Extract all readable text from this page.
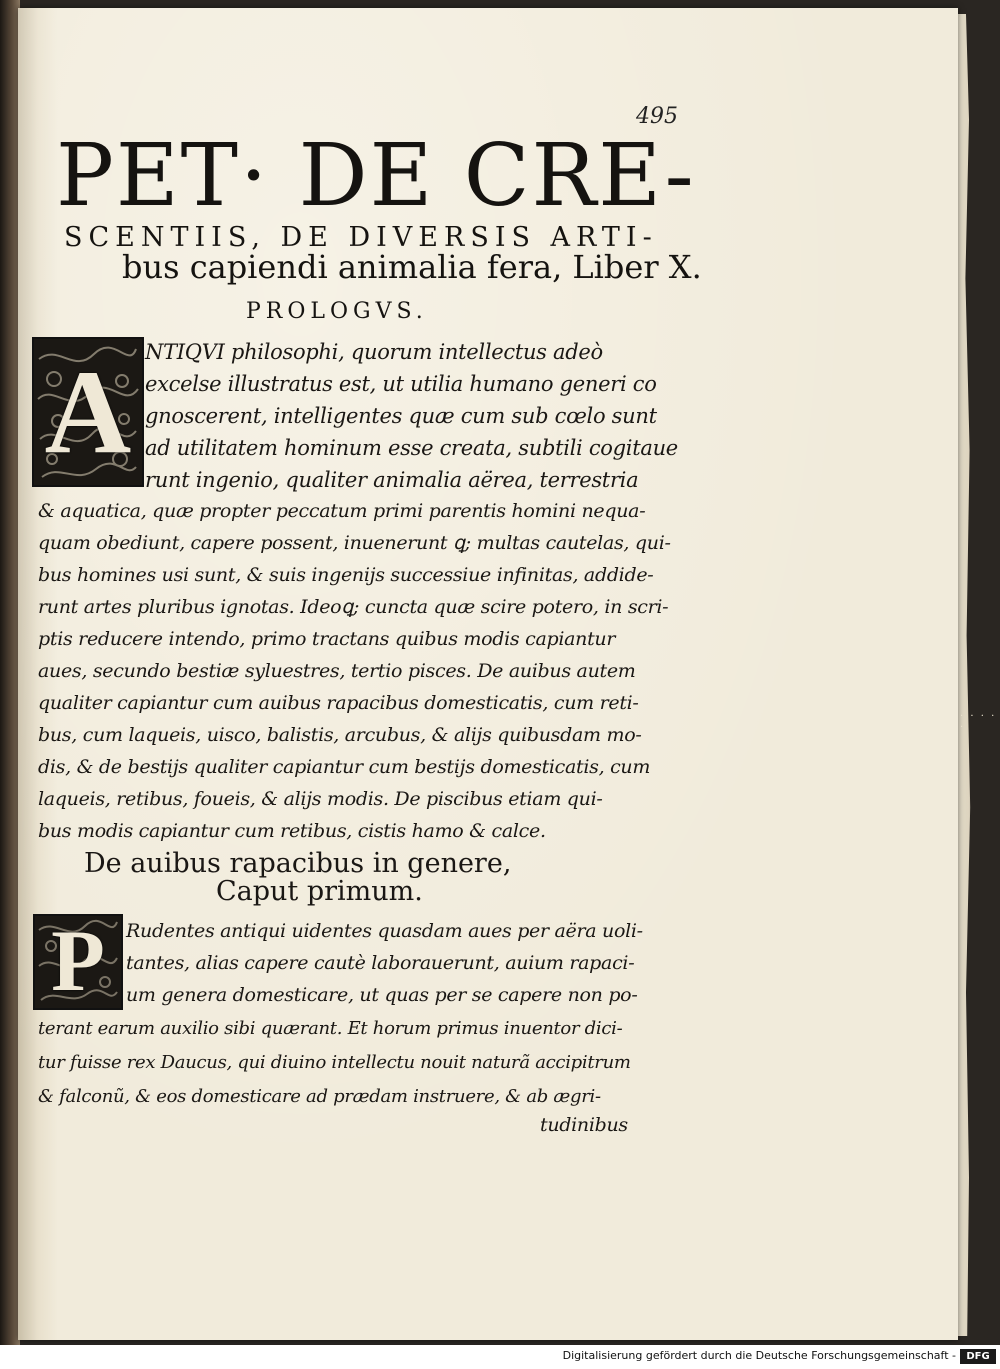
495
PET· DE CRE-
SCENTIIS, DE DIVERSIS ARTI-
bus capiendi animalia fera, Liber X.
PROLOGVS.
A
P
NTIQVI philosophi, quorum intellectus adeò
excelse illustratus est, ut utilia humano generi co
gnoscerent, intelligentes quæ cum sub cœlo sunt
ad utilitatem hominum esse creata, subtili cogitaue
runt ingenio, qualiter animalia aërea, terrestria
& aquatica, quæ propter peccatum primi parentis homini nequa-
quam obediunt, capere possent, inuenerunt ꝗ; multas cautelas, qui-
bus homines usi sunt, & suis ingenijs successiue infinitas, addide-
runt artes pluribus ignotas. Ideoꝗ; cuncta quæ scire potero, in scri-
ptis reducere intendo, primo tractans quibus modis capiantur
aues, secundo bestiæ syluestres, tertio pisces. De auibus autem
qualiter capiantur cum auibus rapacibus domesticatis, cum reti-
bus, cum laqueis, uisco, balistis, arcubus, & alijs quibusdam mo-
dis, & de bestijs qualiter capiantur cum bestijs domesticatis, cum
laqueis, retibus, foueis, & alijs modis. De piscibus etiam qui-
bus modis capiantur cum retibus, cistis hamo & calce.
De auibus rapacibus in genere,
Caput primum.
Rudentes antiqui uidentes quasdam aues per aëra uoli-
tantes, alias capere cautè laborauerunt, auium rapaci-
um genera domesticare, ut quas per se capere non po-
terant earum auxilio sibi quærant. Et horum primus inuentor dici-
tur fuisse rex Daucus, qui diuino intellectu nouit naturã accipitrum
& falconũ, & eos domesticare ad prædam instruere, & ab ægri-
tudinibus
· · · · ·
Digitalisierung gefördert durch die Deutsche Forschungsgemeinschaft -	DFG
